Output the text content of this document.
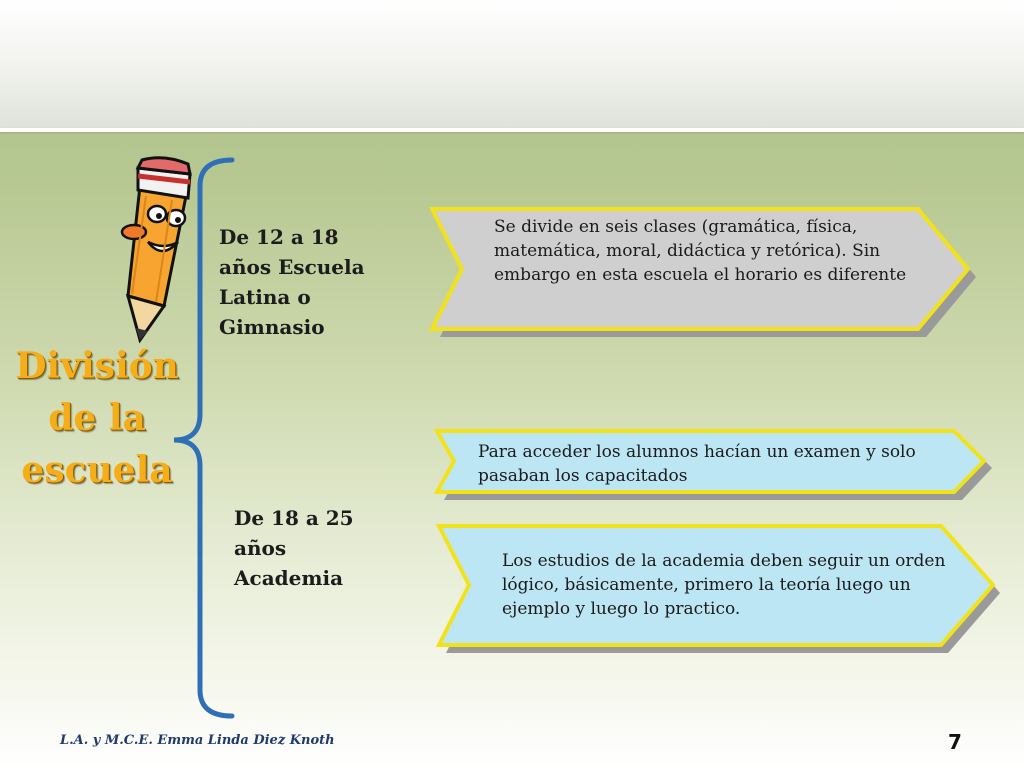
División de la escuela
De 12 a 18
años Escuela
Latina o
Gimnasio
De 18 a 25
años
Academia
Se divide en seis clases (gramática, física, matemática, moral, didáctica y retórica). Sin embargo en esta escuela el horario es diferente
Para acceder los alumnos hacían un examen y solo pasaban los capacitados
Los estudios de la academia deben seguir un orden lógico, básicamente, primero la teoría luego un ejemplo y luego lo practico.
L.A. y M.C.E. Emma Linda Diez Knoth	7
